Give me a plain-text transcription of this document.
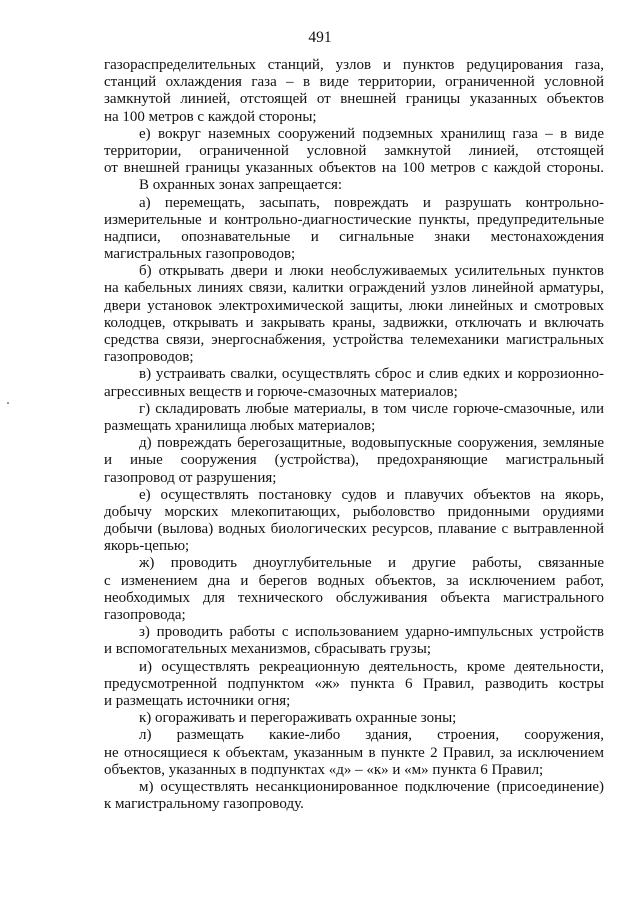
491
газораспределительных станций, узлов и пунктов редуцирования газа,
станций охлаждения газа – в виде территории, ограниченной условной
замкнутой линией, отстоящей от внешней границы указанных объектов
на 100 метров с каждой стороны;
е) вокруг наземных сооружений подземных хранилищ газа – в виде
территории, ограниченной условной замкнутой линией, отстоящей
от внешней границы указанных объектов на 100 метров с каждой стороны.
В охранных зонах запрещается:
а) перемещать, засыпать, повреждать и разрушать контрольно-
измерительные и контрольно-диагностические пункты, предупредительные
надписи, опознавательные и сигнальные знаки местонахождения
магистральных газопроводов;
б) открывать двери и люки необслуживаемых усилительных пунктов
на кабельных линиях связи, калитки ограждений узлов линейной арматуры,
двери установок электрохимической защиты, люки линейных и смотровых
колодцев, открывать и закрывать краны, задвижки, отключать и включать
средства связи, энергоснабжения, устройства телемеханики магистральных
газопроводов;
в) устраивать свалки, осуществлять сброс и слив едких и коррозионно-
агрессивных веществ и горюче-смазочных материалов;
г) складировать любые материалы, в том числе горюче-смазочные, или
размещать хранилища любых материалов;
д) повреждать берегозащитные, водовыпускные сооружения, земляные
и иные сооружения (устройства), предохраняющие магистральный
газопровод от разрушения;
е) осуществлять постановку судов и плавучих объектов на якорь,
добычу морских млекопитающих, рыболовство придонными орудиями
добычи (вылова) водных биологических ресурсов, плавание с вытравленной
якорь-цепью;
ж) проводить дноуглубительные и другие работы, связанные
с изменением дна и берегов водных объектов, за исключением работ,
необходимых для технического обслуживания объекта магистрального
газопровода;
з) проводить работы с использованием ударно-импульсных устройств
и вспомогательных механизмов, сбрасывать грузы;
и) осуществлять рекреационную деятельность, кроме деятельности,
предусмотренной подпунктом «ж» пункта 6 Правил, разводить костры
и размещать источники огня;
к) огораживать и перегораживать охранные зоны;
л) размещать какие-либо здания, строения, сооружения,
не относящиеся к объектам, указанным в пункте 2 Правил, за исключением
объектов, указанных в подпунктах «д» – «к» и «м» пункта 6 Правил;
м) осуществлять несанкционированное подключение (присоединение)
к магистральному газопроводу.
